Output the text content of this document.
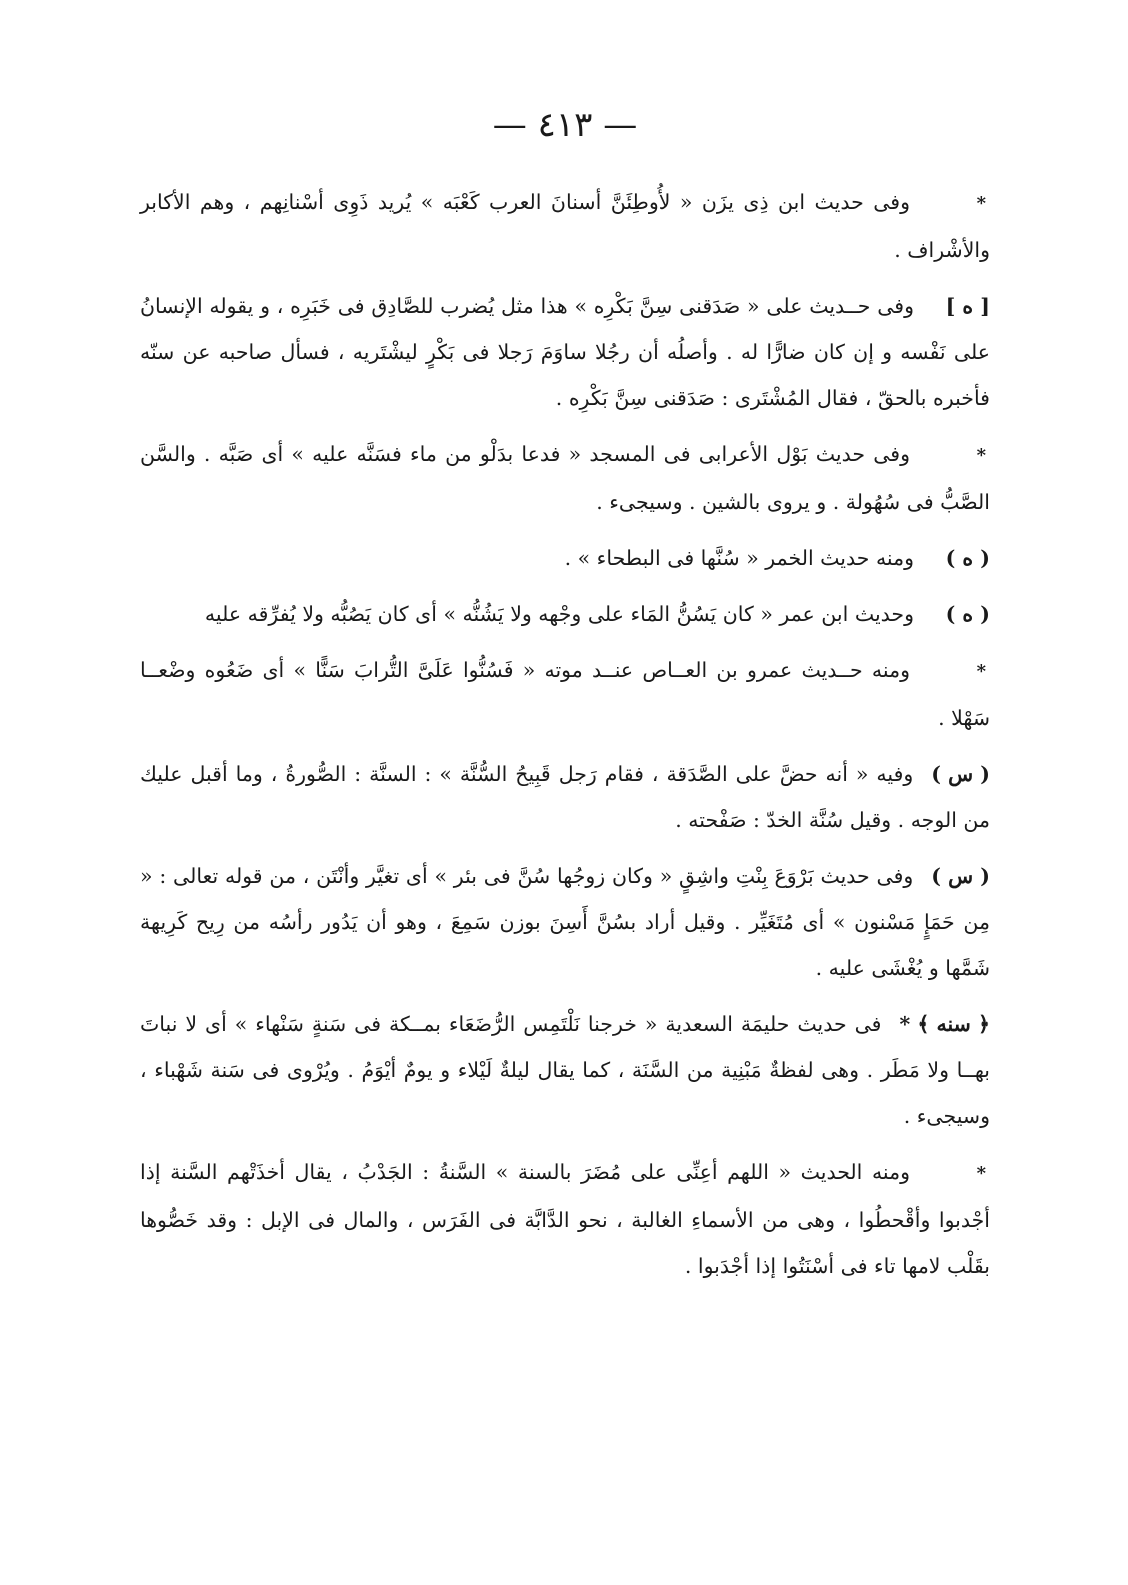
— ٤١٣ —

*وفى حديث ابن ذِى يزَن « لأُوطِئَنَّ أسنانَ العرب كَعْبَه » يُريد ذَوِى أسْنانِهم ، وهم الأكابر والأشْراف .

[ ه ]وفى حــديث على « صَدَقنى سِنَّ بَكْرِه » هذا مثل يُضرب للصَّادِق فى خَبَرِه ، و يقوله الإنسانُ على نَفْسه و إن كان ضارًّا له . وأصلُه أن رجُلا ساوَمَ رَجلا فى بَكْرٍ ليشْتَريه ، فسأل صاحبه عن سنّه فأخبره بالحقّ ، فقال المُشْتَرى : صَدَقنى سِنَّ بَكْرِه .

*وفى حديث بَوْل الأعرابى فى المسجد « فدعا بدَلْو من ماء فسَنَّه عليه » أى صَبَّه . والسَّن الصَّبُّ فى سُهُولة . و يروى بالشين . وسيجىء .

( ه )ومنه حديث الخمر « سُنَّها فى البطحاء » .

( ه )وحديث ابن عمر « كان يَسُنُّ المَاء على وجْهه ولا يَشُنُّه » أى كان يَصُبُّه ولا يُفرِّقه عليه

*ومنه حــديث عمرو بن العــاص عنــد موته « فَسُنُّوا عَلَىَّ التُّرابَ سَنًّا » أى ضَعُوه وضْعــا سَهْلا .

( س )وفيه « أنه حضَّ على الصَّدَقة ، فقام رَجل قَبِيحُ السُّنَّة » : السنَّة : الصُّورةُ ، وما أقبل عليك من الوجه . وقيل سُنَّة الخدّ : صَفْحته .

( س )وفى حديث بَرْوَعَ بِنْتِ واشِقٍ « وكان زوجُها سُنَّ فى بئر » أى تغيَّر وأنْتَن ، من قوله تعالى : « مِن حَمَإٍ مَسْنون » أى مُتَغَيِّر . وقيل أراد بسُنَّ أَسِنَ بوزن سَمِعَ ، وهو أن يَدُور رأسُه من رِيح كَرِيهة شَمَّها و يُغْشَى عليه .

﴿ سنه ﴾ *فى حديث حليمَة السعدية « خرجنا نَلْتَمِس الرُّضَعَاء بمــكة فى سَنةٍ سَنْهاء » أى لا نباتَ بهــا ولا مَطَر . وهى لفظةٌ مَبْنِية من السَّنَة ، كما يقال ليلةٌ لَيْلاء و يومٌ أيْوَمُ . ويُرْوى فى سَنة شَهْباء ، وسيجىء .

*ومنه الحديث « اللهم أعِنِّى على مُضَرَ بالسنة » السَّنةُ : الجَدْبُ ، يقال أخذَتْهم السَّنة إذا أجْدبوا وأقْحطُوا ، وهى من الأسماءِ الغالبة ، نحو الدَّابَّة فى الفَرَس ، والمال فى الإبل : وقد خَصُّوها بقَلْب لامها تاء فى أسْنَتُوا إذا أجْدَبوا .
